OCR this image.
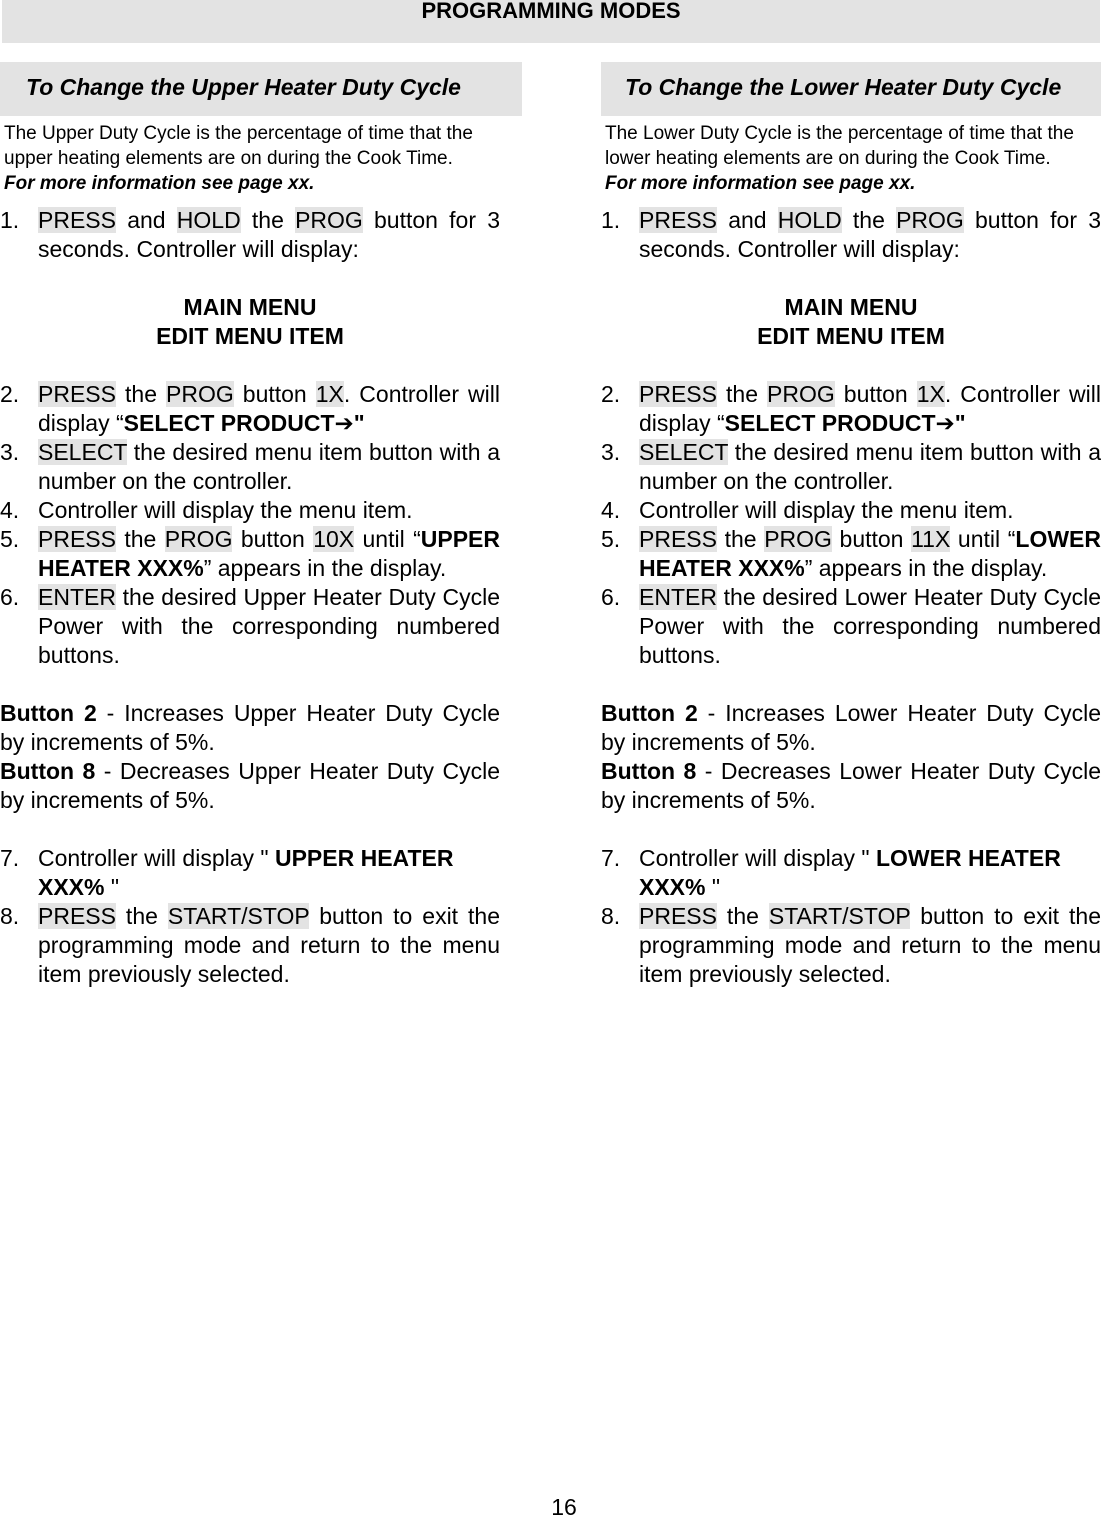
PROGRAMMING MODES
To Change the Upper Heater Duty Cycle
The Upper Duty Cycle is the percentage of time that the upper heating elements are on during the Cook Time.
For more information see page xx.
1. PRESS and HOLD the PROG button for 3 seconds. Controller will display:

MAIN MENU

EDIT MENU ITEM

2. PRESS the PROG button 1X. Controller will display “SELECT PRODUCT➔"
3. SELECT the desired menu item button with a number on the controller.
4. Controller will display the menu item.
5. PRESS the PROG button 10X until “UPPER HEATER XXX%” appears in the display.
6. ENTER the desired Upper Heater Duty Cycle Power with the corresponding numbered buttons.
Button 2 - Increases Upper Heater Duty Cycle by increments of 5%.
Button 8 - Decreases Upper Heater Duty Cycle by increments of 5%.
7. Controller will display " UPPER HEATER XXX% "
8. PRESS the START/STOP button to exit the programming mode and return to the menu item previously selected.
To Change the Lower Heater Duty Cycle
The Lower Duty Cycle is the percentage of time that the lower heating elements are on during the Cook Time.
For more information see page xx.
1. PRESS and HOLD the PROG button for 3 seconds. Controller will display:

MAIN MENU

EDIT MENU ITEM

2. PRESS the PROG button 1X. Controller will display “SELECT PRODUCT➔"
3. SELECT the desired menu item button with a number on the controller.
4. Controller will display the menu item.
5. PRESS the PROG button 11X until “LOWER HEATER XXX%” appears in the display.
6. ENTER the desired Lower Heater Duty Cycle Power with the corresponding numbered buttons.
Button 2 - Increases Lower Heater Duty Cycle by increments of 5%.
Button 8 - Decreases Lower Heater Duty Cycle by increments of 5%.
7. Controller will display " LOWER HEATER XXX% "
8. PRESS the START/STOP button to exit the programming mode and return to the menu item previously selected.
16
